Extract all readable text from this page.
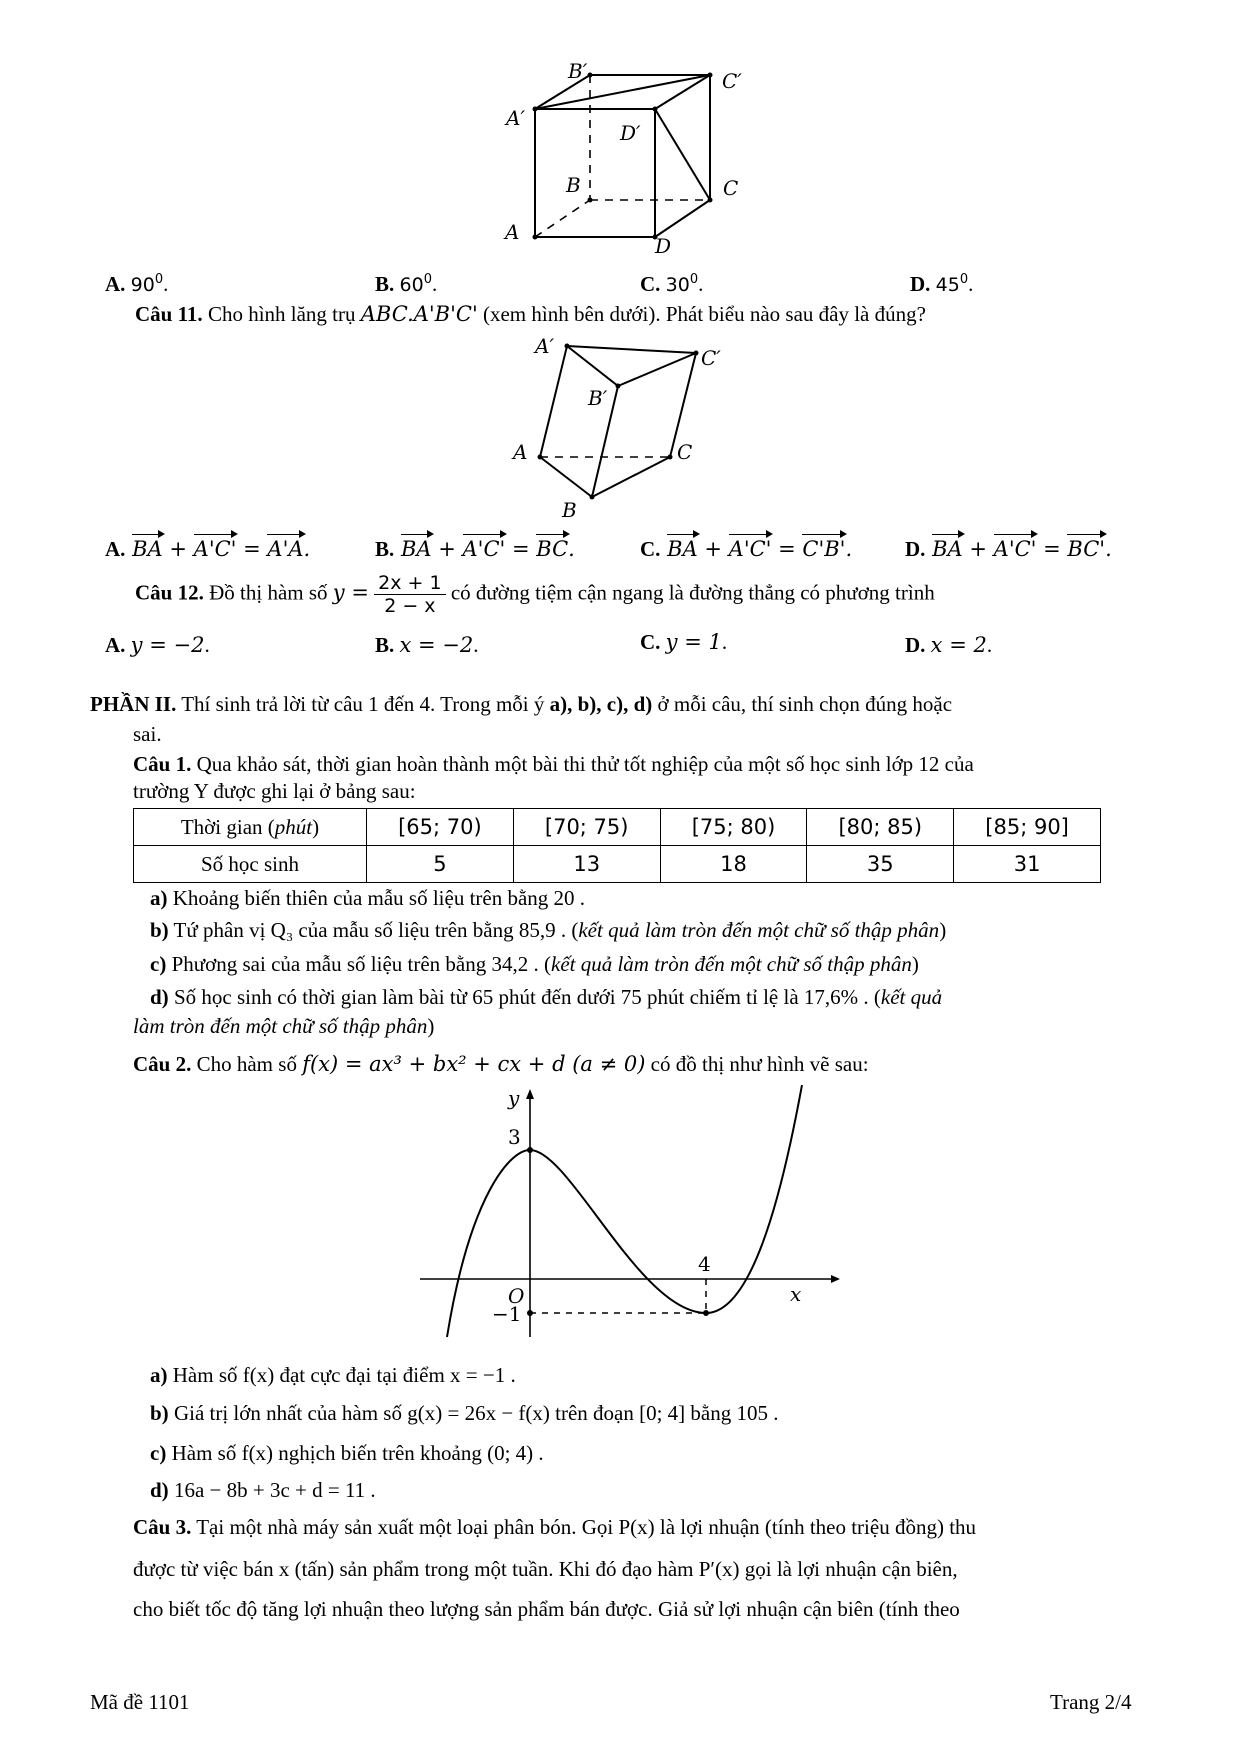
B′	C′
A′
D′
B	C
A
D
A. $90^0$.	B. $60^0$.	C. $30^0$.	D. $45^0$.
Câu 11. Cho hình lăng trụ ABC.A'B'C' (xem hình bên dưới). Phát biểu nào sau đây là đúng?
A′	C′
B′
A	C
B
A. BA + A'C' = A'A.	B. BA + A'C' = BC.	C. BA + A'C' = C'B'.	D. BA + A'C' = BC'.
Câu 12. Đồ thị hàm số $y = \frac{2x + 1}{2 - x}$ có đường tiệm cận ngang là đường thẳng có phương trình
A. y = −2.	B. x = −2.	C. y = 1.	D. x = 2.
PHẦN II. Thí sinh trả lời từ câu 1 đến 4. Trong mỗi ý a), b), c), d) ở mỗi câu, thí sinh chọn đúng hoặc
sai.
Câu 1. Qua khảo sát, thời gian hoàn thành một bài thi thử tốt nghiệp của một số học sinh lớp 12 của
trường Y được ghi lại ở bảng sau:
Thời gian (phút)	[65; 70)	[70; 75)	[75; 80)	[80; 85)	[85; 90]
Số học sinh	5	13	18	35	31
a) Khoảng biến thiên của mẫu số liệu trên bằng 20 .
b) Tứ phân vị Q₃ của mẫu số liệu trên bằng 85,9 . (kết quả làm tròn đến một chữ số thập phân)
c) Phương sai của mẫu số liệu trên bằng 34,2 . (kết quả làm tròn đến một chữ số thập phân)
d) Số học sinh có thời gian làm bài từ 65 phút đến dưới 75 phút chiếm tỉ lệ là 17,6% . (kết quả
làm tròn đến một chữ số thập phân)
Câu 2. Cho hàm số f(x) = ax³ + bx² + cx + d (a ≠ 0) có đồ thị như hình vẽ sau:
y
x
O
3
4
−1
a) Hàm số f(x) đạt cực đại tại điểm x = −1 .
b) Giá trị lớn nhất của hàm số g(x) = 26x − f(x) trên đoạn [0; 4] bằng 105 .
c) Hàm số f(x) nghịch biến trên khoảng (0; 4) .
d) 16a − 8b + 3c + d = 11 .
Câu 3. Tại một nhà máy sản xuất một loại phân bón. Gọi P(x) là lợi nhuận (tính theo triệu đồng) thu
được từ việc bán x (tấn) sản phẩm trong một tuần. Khi đó đạo hàm P′(x) gọi là lợi nhuận cận biên,
cho biết tốc độ tăng lợi nhuận theo lượng sản phẩm bán được. Giả sử lợi nhuận cận biên (tính theo
Mã đề 1101	Trang 2/4
